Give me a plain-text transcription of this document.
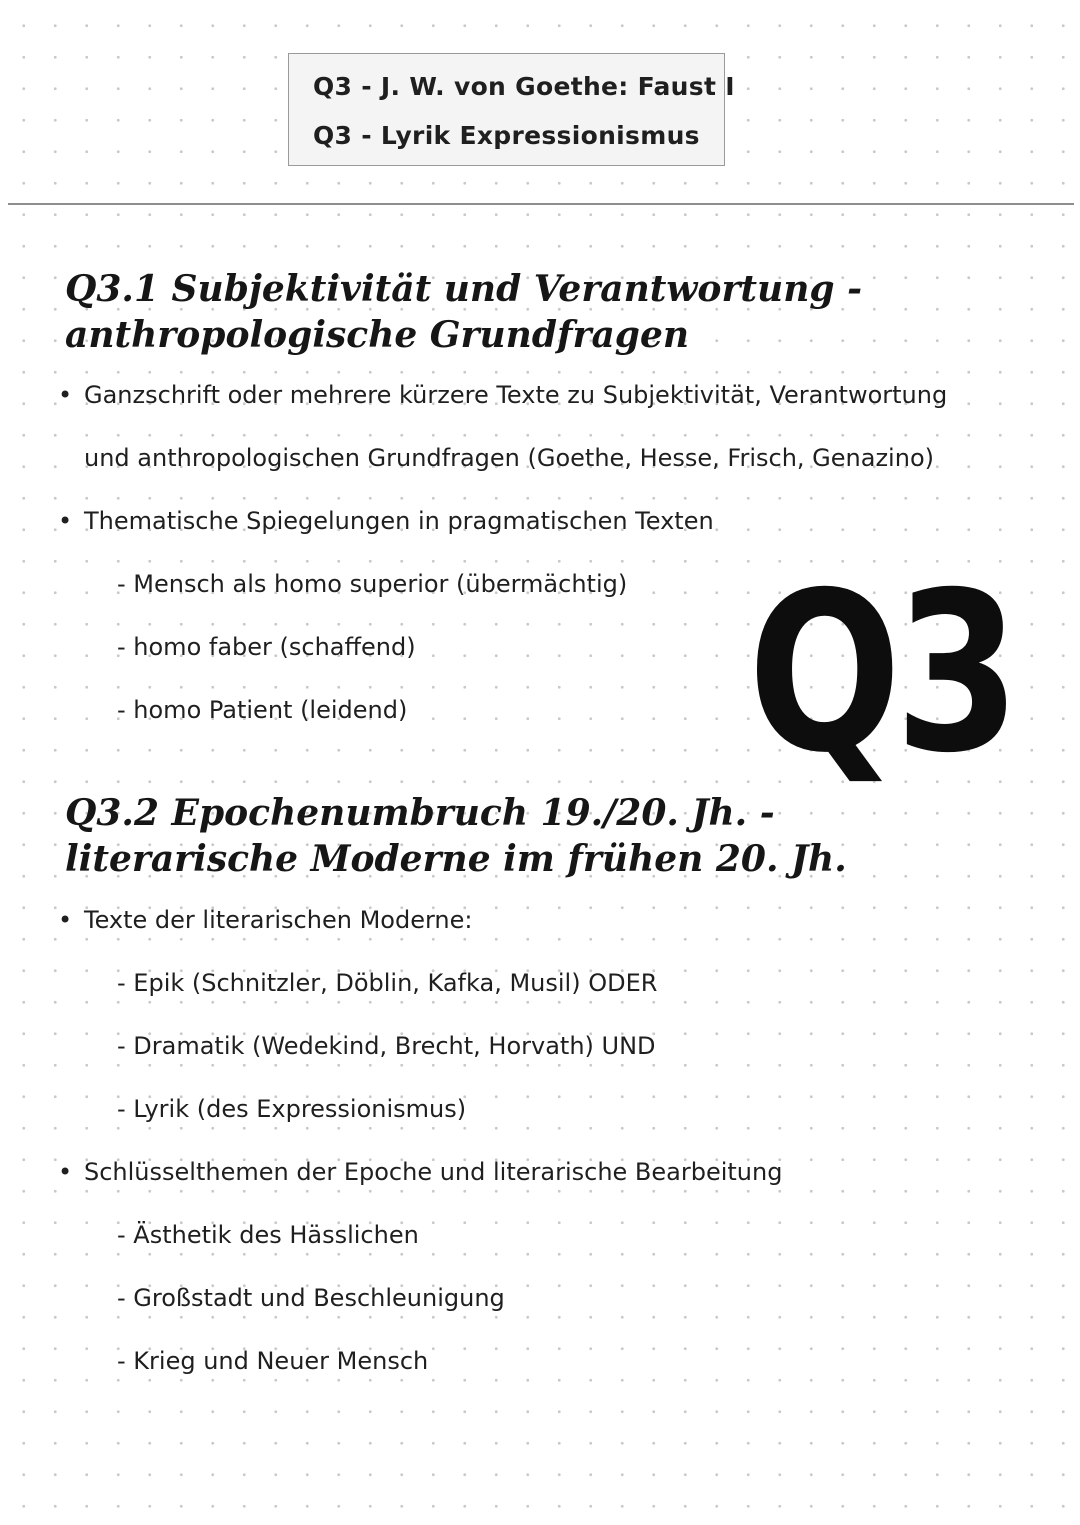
Q3 - J. W. von Goethe: Faust I
Q3 - Lyrik Expressionismus
Q3.1 Subjektivität und Verantwortung -
anthropologische Grundfragen
• Ganzschrift oder mehrere kürzere Texte zu Subjektivität, Verantwortung
und anthropologischen Grundfragen (Goethe, Hesse, Frisch, Genazino)
• Thematische Spiegelungen in pragmatischen Texten
- Mensch als homo superior (übermächtig)
- homo faber (schaffend)
- homo Patient (leidend) Q3
Q3.2 Epochenumbruch 19./20. Jh. -
literarische Moderne im frühen 20. Jh.
• Texte der literarischen Moderne:
- Epik (Schnitzler, Döblin, Kafka, Musil) ODER
- Dramatik (Wedekind, Brecht, Horvath) UND
- Lyrik (des Expressionismus)
• Schlüsselthemen der Epoche und literarische Bearbeitung
- Ästhetik des Hässlichen
- Großstadt und Beschleunigung
- Krieg und Neuer Mensch
